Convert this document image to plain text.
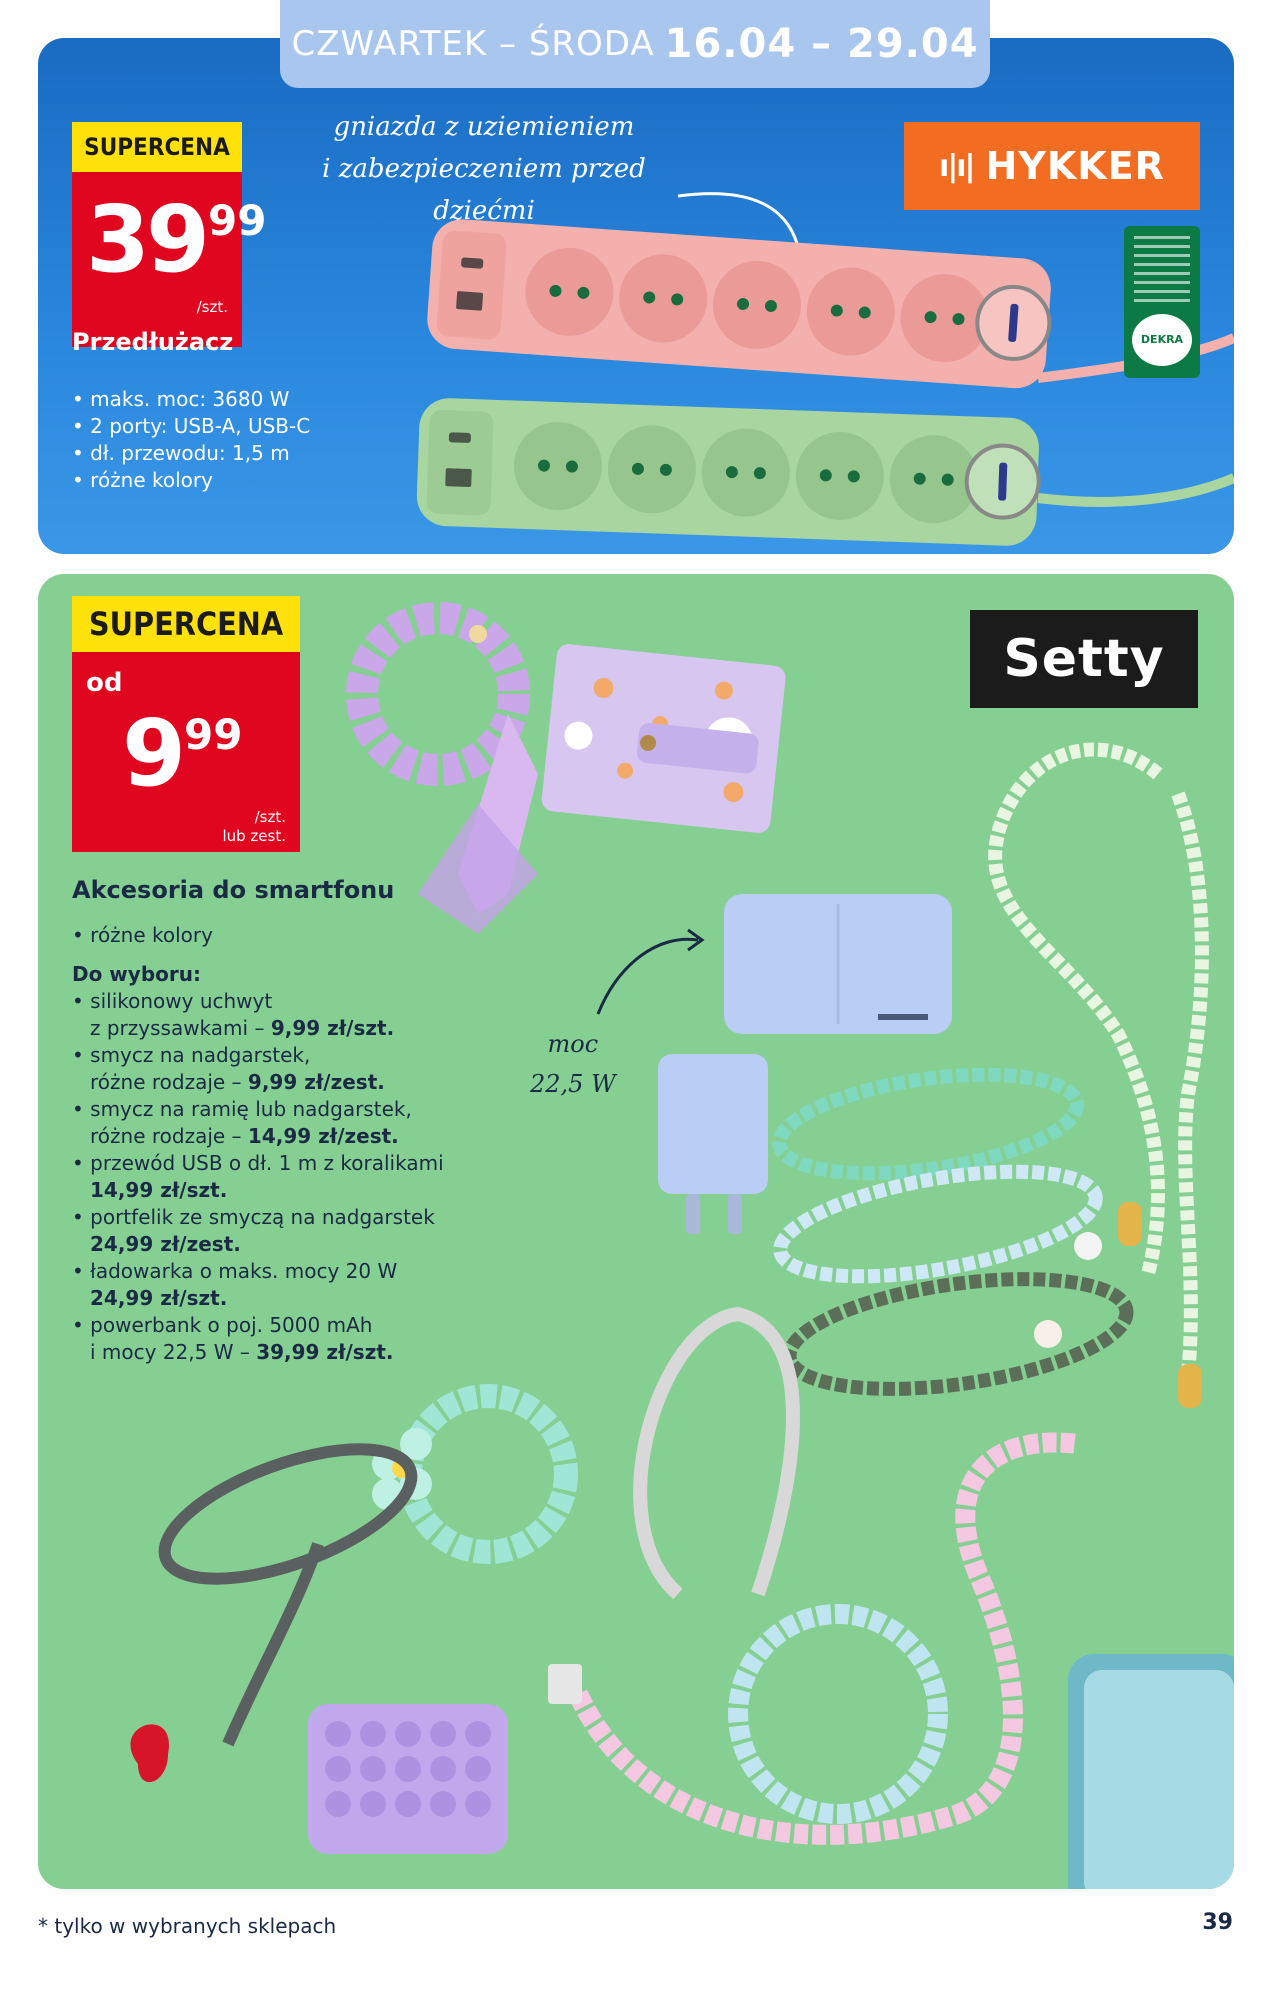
CZWARTEK – ŚRODA 16.04 – 29.04
SUPERCENA
3999
/szt.
Przedłużacz
• maks. moc: 3680 W
• 2 porty: USB-A, USB-C
• dł. przewodu: 1,5 m
• różne kolory
gniazda z uziemieniem
i zabezpieczeniem przed dziećmi
ı|ı| HYKKER
DEKRA
SUPERCENA
od
999
/szt.
lub zest.
Setty
Akcesoria do smartfonu
• różne kolory
Do wyboru:
• silikonowy uchwyt
z przyssawkami – 9,99 zł/szt.
• smycz na nadgarstek,
różne rodzaje – 9,99 zł/zest.
• smycz na ramię lub nadgarstek,
różne rodzaje – 14,99 zł/zest.
• przewód USB o dł. 1 m z koralikami
14,99 zł/szt.
• portfelik ze smyczą na nadgarstek
24,99 zł/zest.
• ładowarka o maks. mocy 20 W
24,99 zł/szt.
• powerbank o poj. 5000 mAh
i mocy 22,5 W – 39,99 zł/szt.
moc
22,5 W
* tylko w wybranych sklepach	39
